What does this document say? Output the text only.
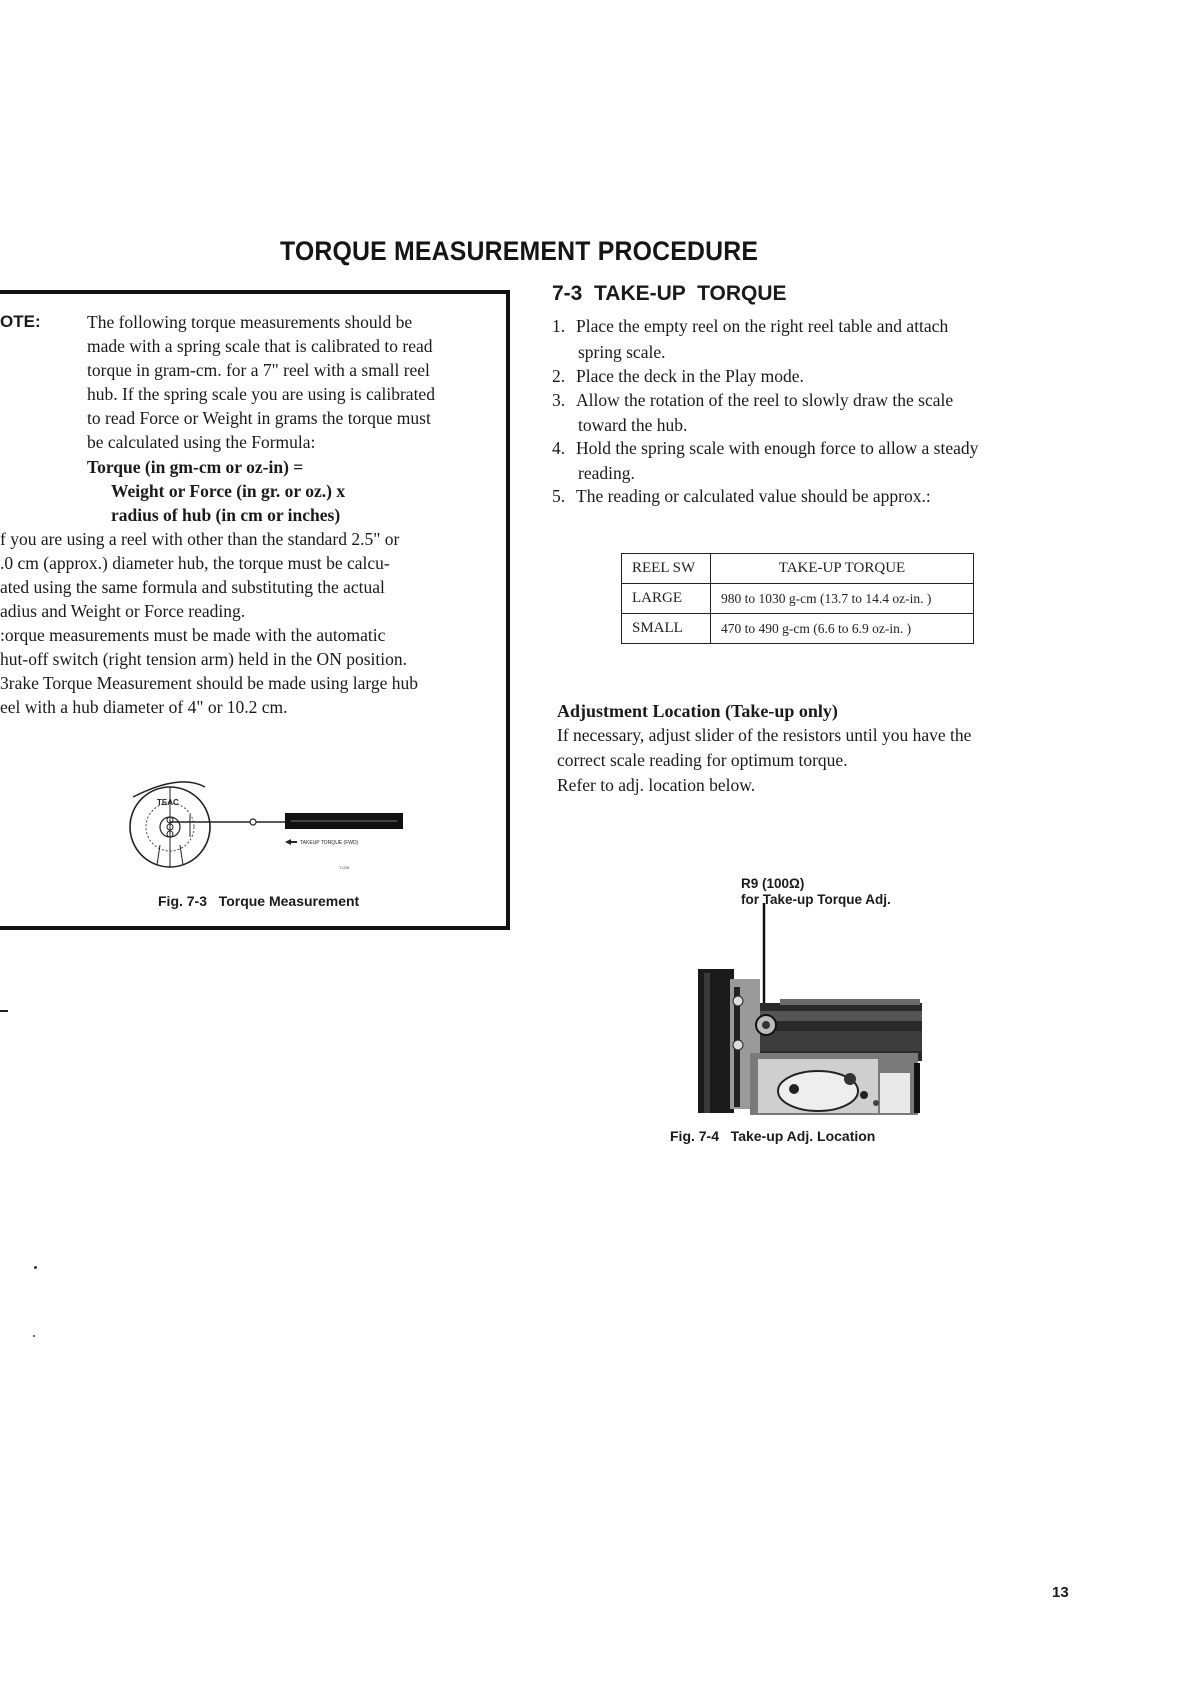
TORQUE MEASUREMENT PROCEDURE
OTE:	The following torque measurements should be
made with a spring scale that is calibrated to read
torque in gram-cm. for a 7" reel with a small reel
hub. If the spring scale you are using is calibrated
to read Force or Weight in grams the torque must
be calculated using the Formula:
Torque (in gm-cm or oz-in) =
Weight or Force (in gr. or oz.) x
radius of hub (in cm or inches)
f you are using a reel with other than the standard 2.5" or
.0 cm (approx.) diameter hub, the torque must be calcu-
ated using the same formula and substituting the actual
adius and Weight or Force reading.
:orque measurements must be made with the automatic
hut-off switch (right tension arm) held in the ON position.
3rake Torque Measurement should be made using large hub
eel with a hub diameter of 4" or 10.2 cm.
TEAC
TAKEUP TORQUE (FWD)
T-026
Fig. 7-3   Torque Measurement
7-3  TAKE-UP  TORQUE
1. Place the empty reel on the right reel table and attach
spring scale.
2. Place the deck in the Play mode.
3. Allow the rotation of the reel to slowly draw the scale
toward the hub.
4. Hold the spring scale with enough force to allow a steady
reading.
5. The reading or calculated value should be approx.:
REEL SW	TAKE-UP TORQUE
LARGE	980 to 1030 g-cm (13.7 to 14.4 oz-in. )
SMALL	470 to 490 g-cm (6.6 to 6.9 oz-in. )
Adjustment Location (Take-up only)
If necessary, adjust slider of the resistors until you have the
correct scale reading for optimum torque.
Refer to adj. location below.
R9 (100Ω)
for Take-up Torque Adj.
Fig. 7-4   Take-up Adj. Location
13
